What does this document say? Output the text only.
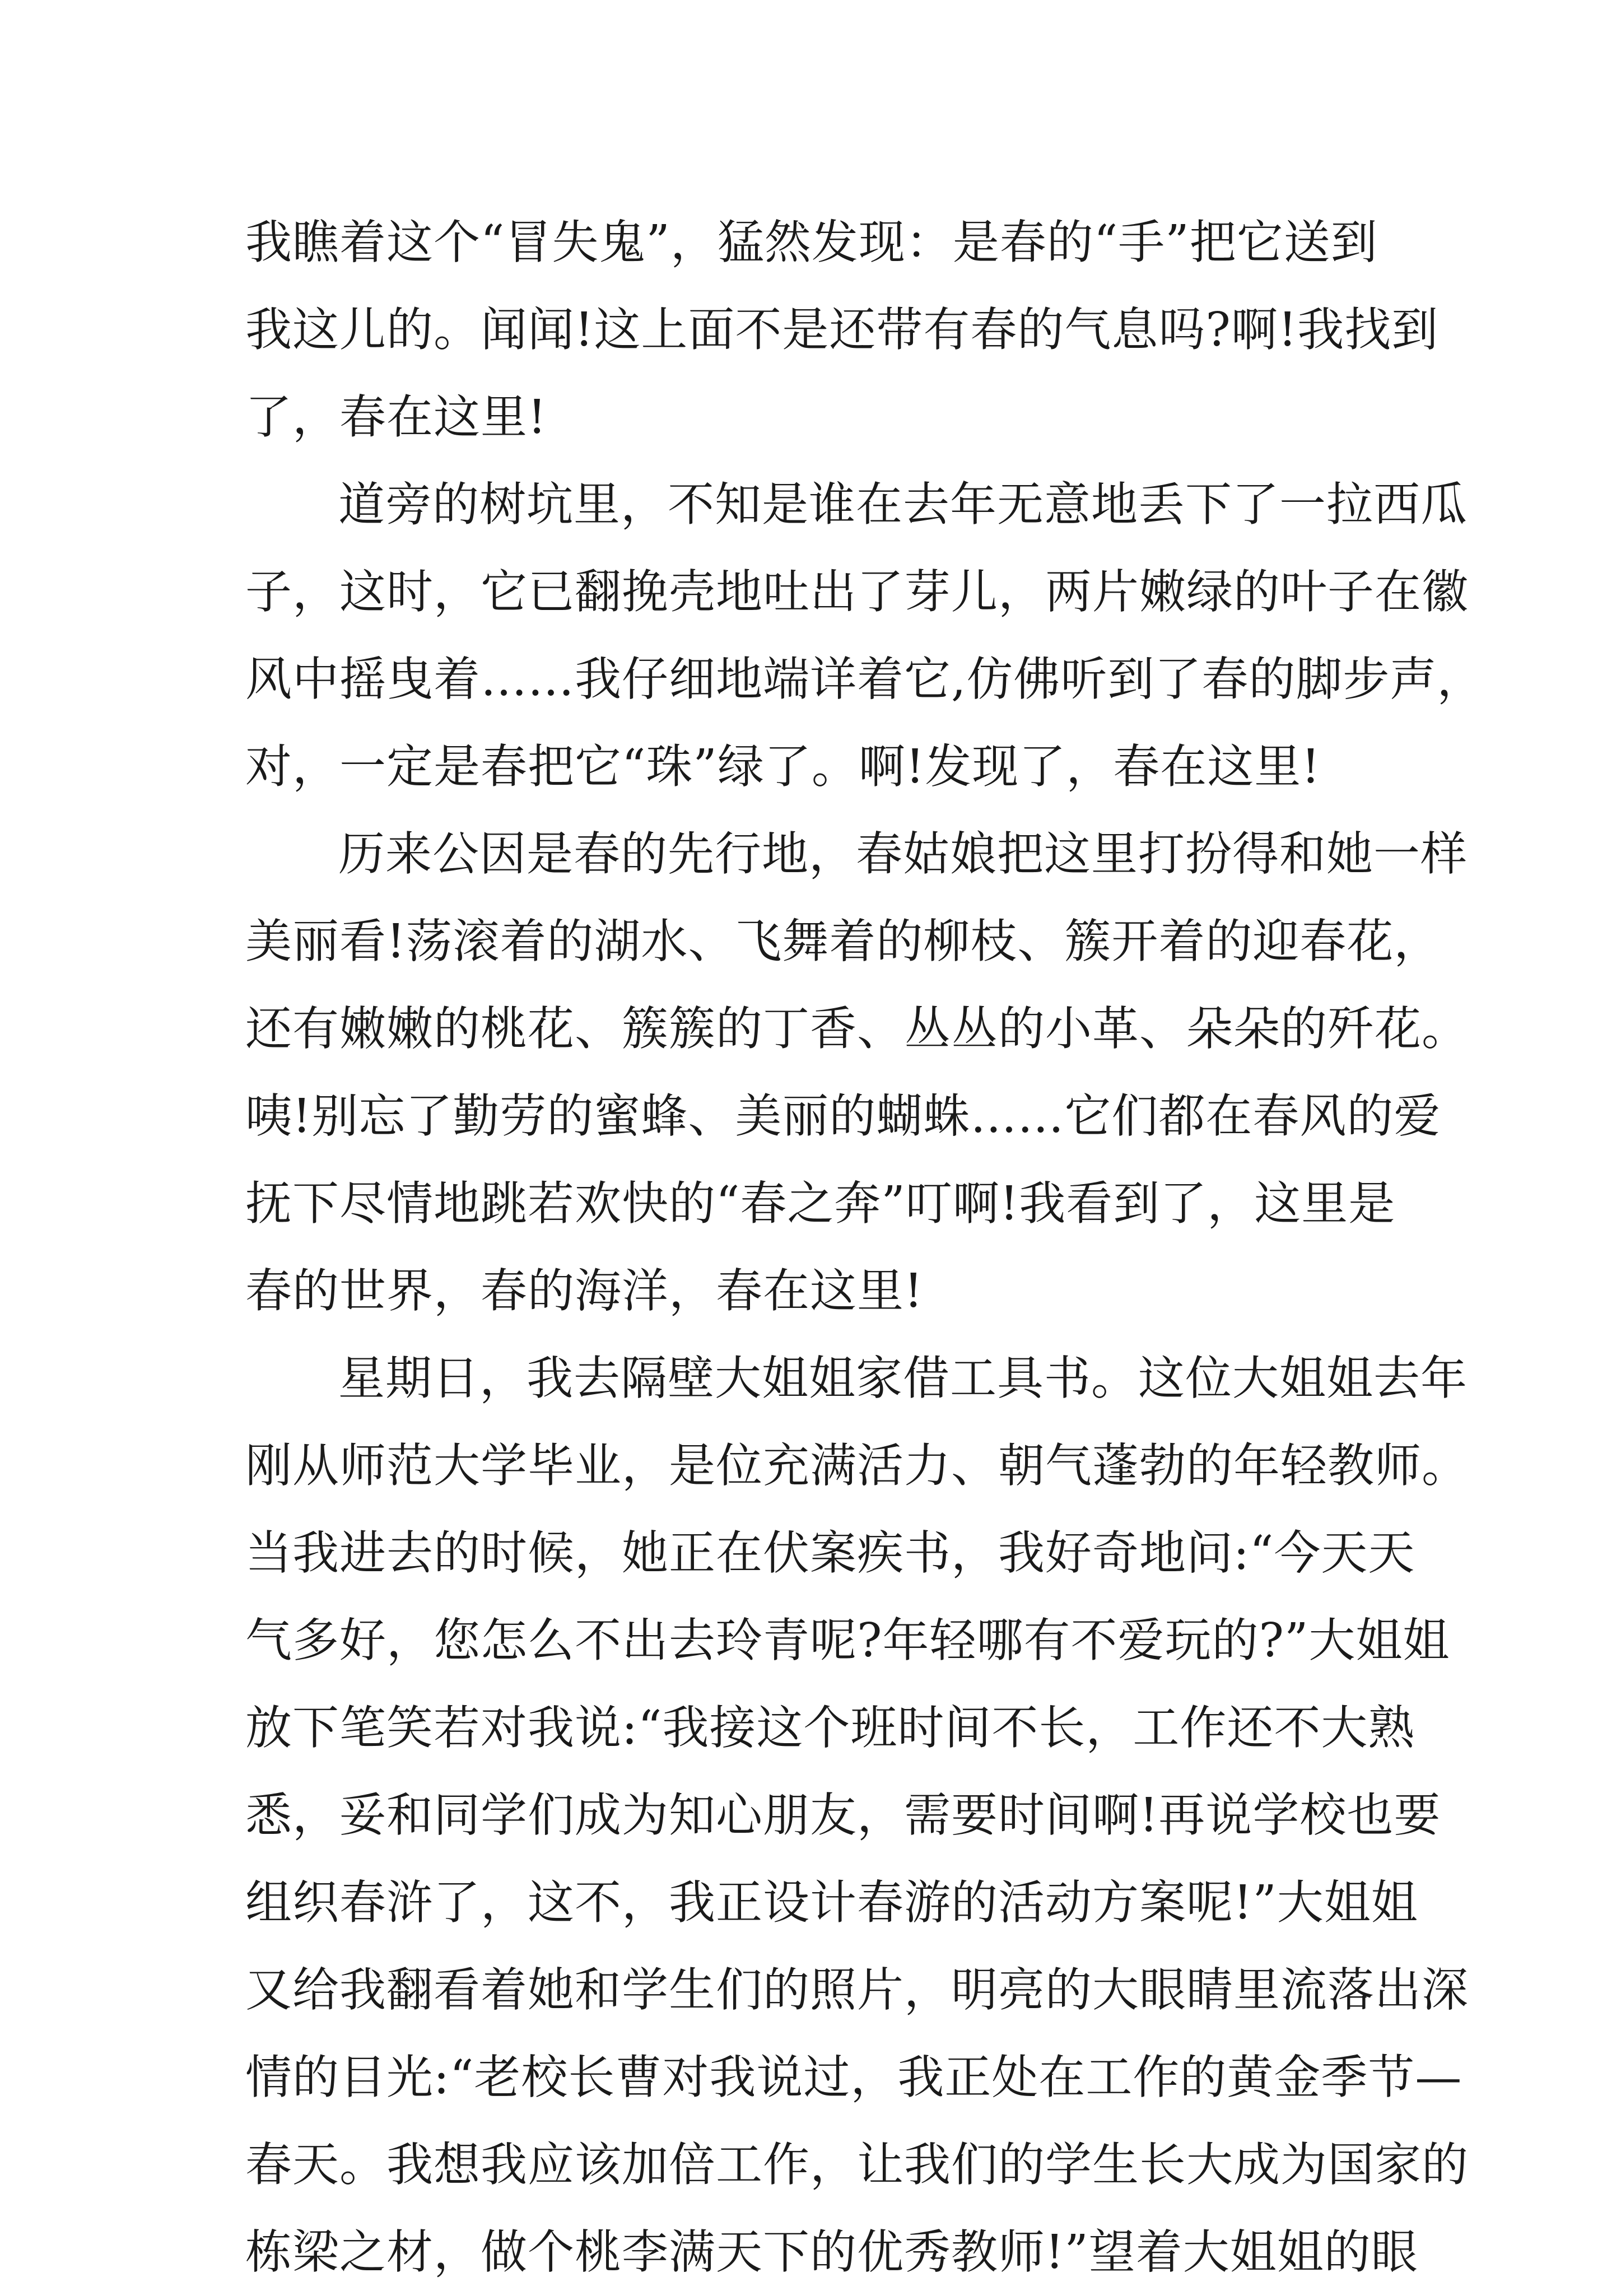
我瞧着这个“冒失鬼”，猛然发现：是春的“手”把它送到
我这儿的。闻闻!这上面不是还带有春的气息吗?啊!我找到
了，春在这里!
道旁的树坑里，不知是谁在去年无意地丢下了一拉西瓜
子，这时，它已翻挽壳地吐出了芽儿，两片嫩绿的叶子在徽
风中摇曳着……我仔细地端详着它,仿佛听到了春的脚步声，
对，一定是春把它“珠”绿了。啊!发现了，春在这里!
历来公因是春的先行地，春姑娘把这里打扮得和她一样
美丽看!荡滚着的湖水、飞舞着的柳枝、簇开着的迎春花，
还有嫩嫩的桃花、簇簇的丁香、丛丛的小革、朵朵的歼花。
咦!别忘了勤劳的蜜蜂、美丽的蝴蛛……它们都在春风的爱
抚下尽情地跳若欢快的“春之奔”叮啊!我看到了，这里是
春的世界，春的海洋，春在这里!
星期日，我去隔壁大姐姐家借工具书。这位大姐姐去年
刚从师范大学毕业，是位充满活力、朝气蓬勃的年轻教师。
当我进去的时候，她正在伏案疾书，我好奇地问:“今天天
气多好，您怎么不出去玲青呢?年轻哪有不爱玩的?”大姐姐
放下笔笑若对我说:“我接这个班时间不长，工作还不大熟
悉，妥和同学们成为知心朋友，需要时间啊!再说学校也要
组织春浒了，这不，我正设计春游的活动方案呢!”大姐姐
又给我翻看着她和学生们的照片，明亮的大眼睛里流落出深
情的目光:“老校长曹对我说过，我正处在工作的黄金季节—
春天。我想我应该加倍工作，让我们的学生长大成为国家的
栋梁之材，做个桃李满天下的优秀教师!”望着大姐姐的眼
